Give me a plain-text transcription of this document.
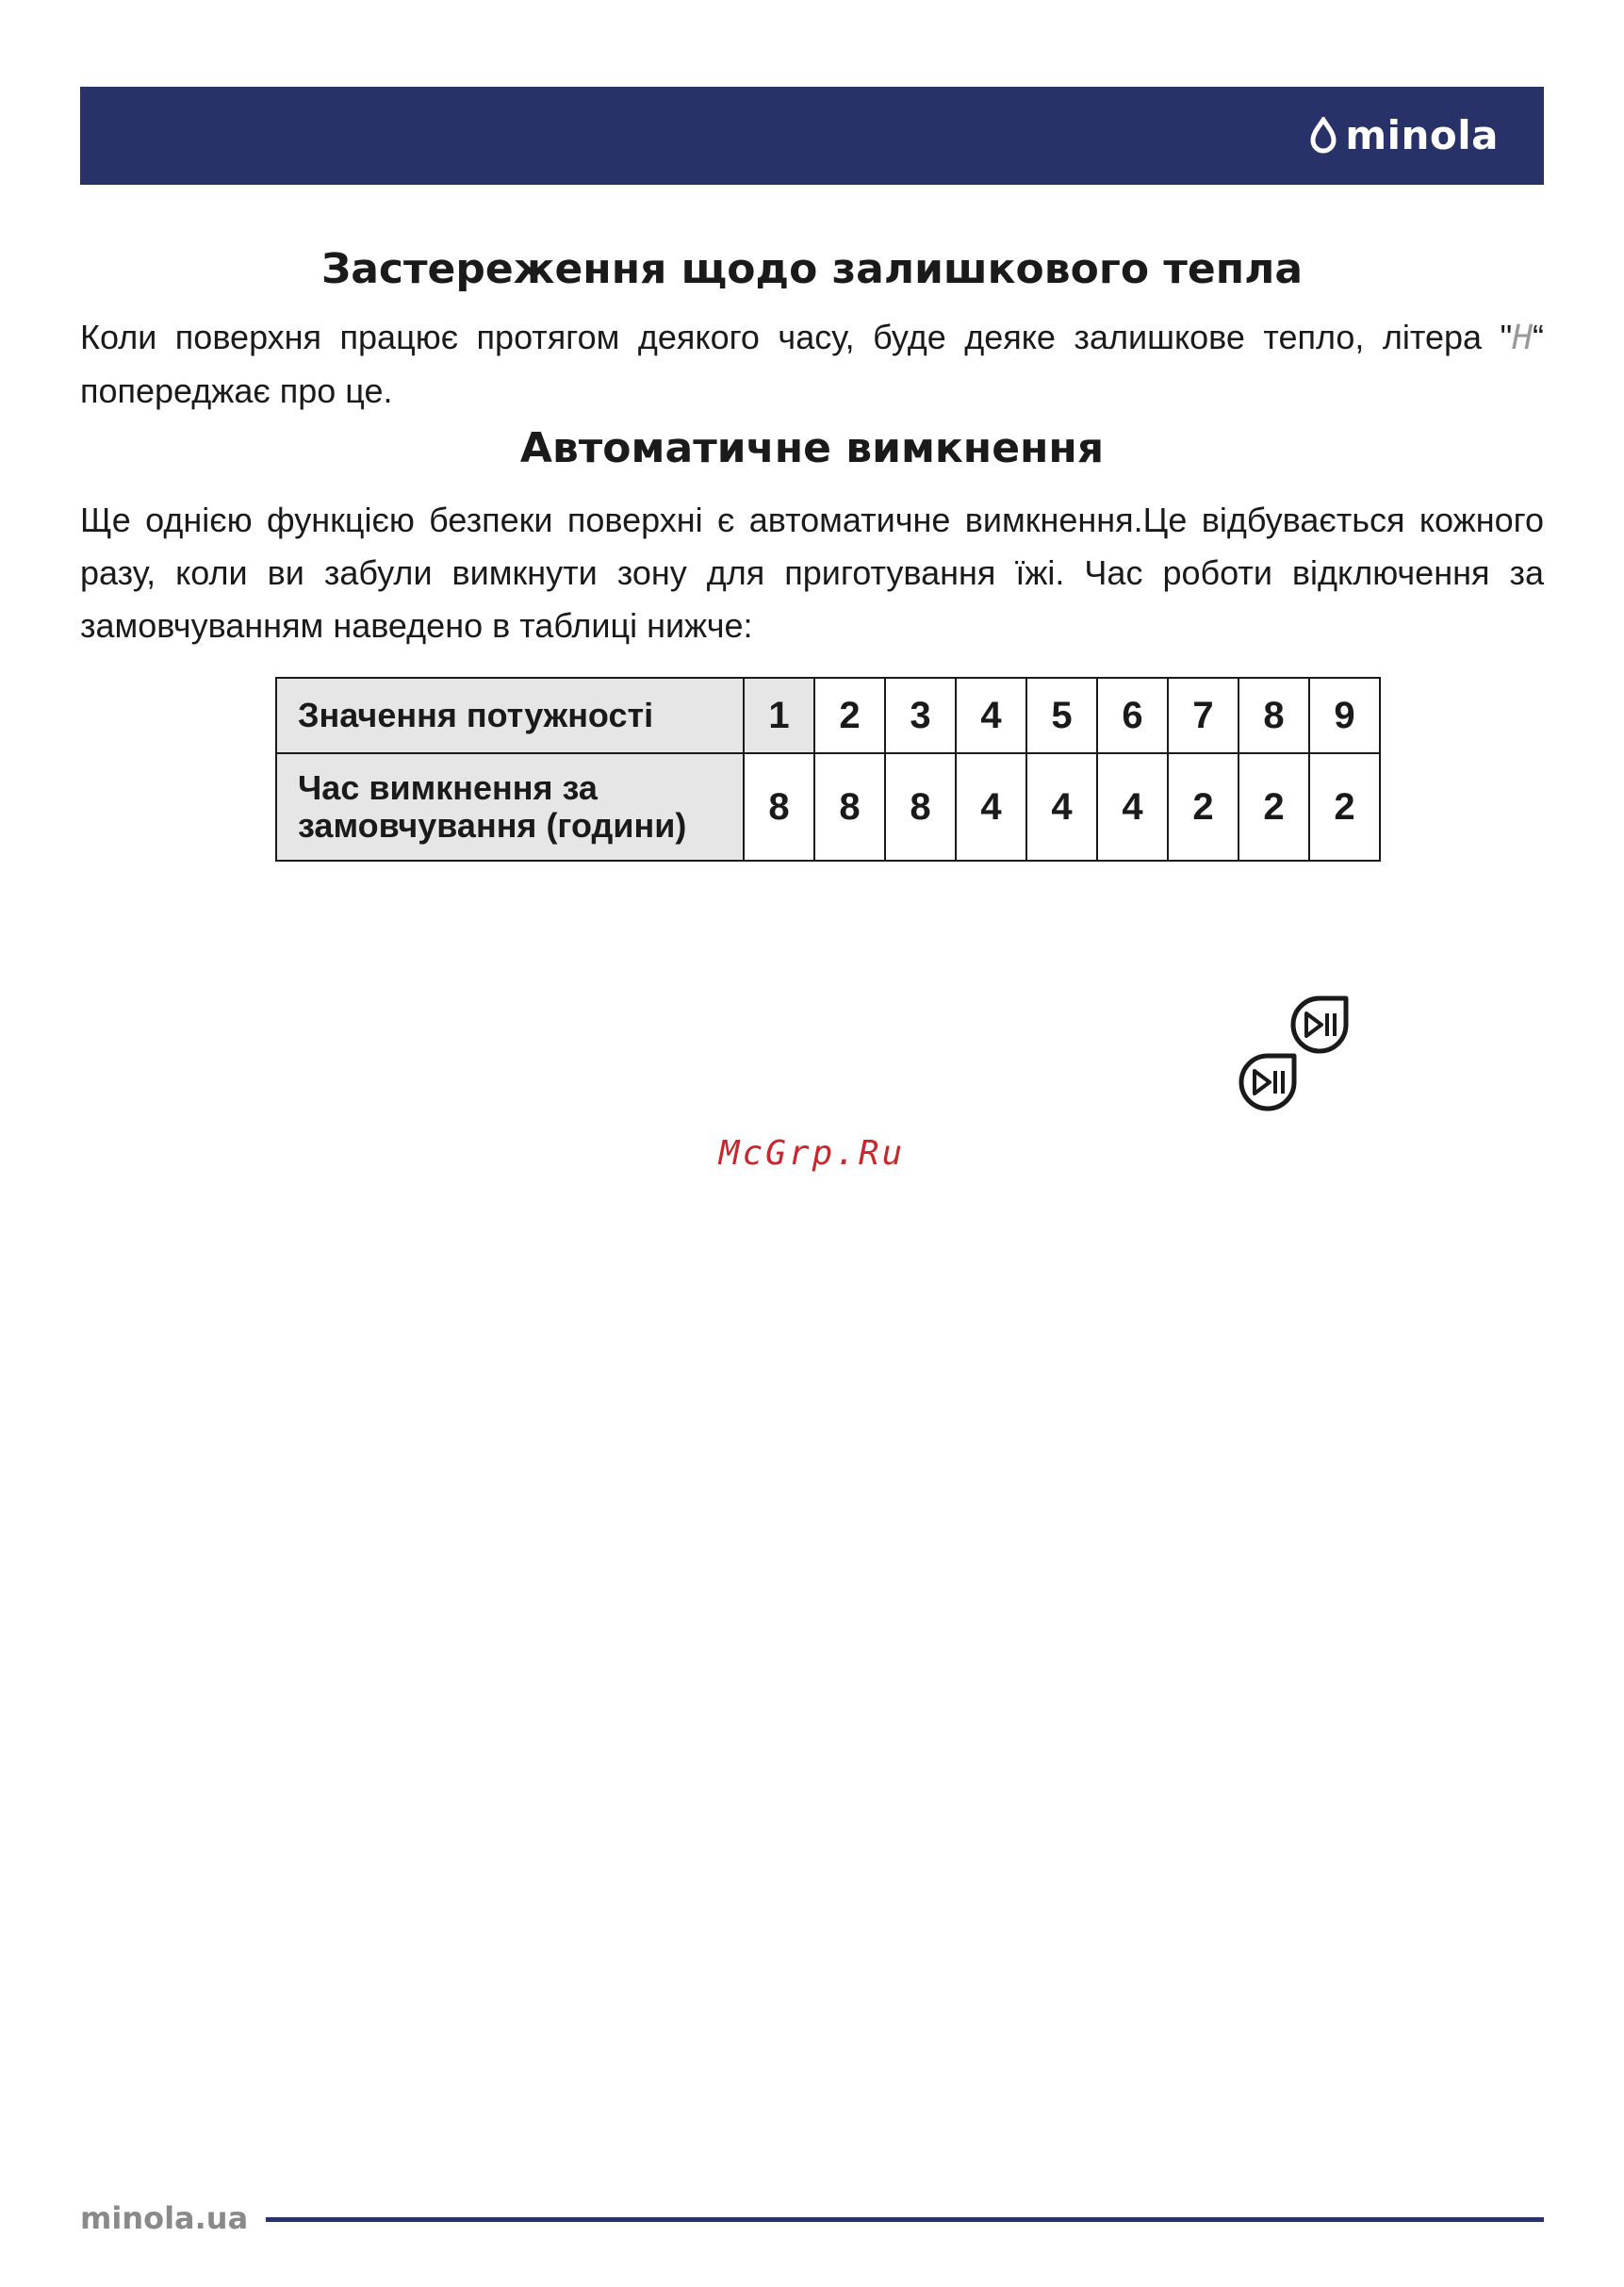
minola
Застереження щодо залишкового тепла

Коли поверхня працює протягом деякого часу, буде деяке залишкове тепло, літера "H“ попереджає про це.

Автоматичне вимкнення

Ще однією функцією безпеки поверхні є автоматичне вимкнення.Це відбувається кожного разу, коли ви забули вимкнути зону для приготування їжі. Час роботи відключення за замовчуванням наведено в таблиці нижче:

Значення потужності	1	2	3	4	5	6	7	8	9
Час вимкнення за замовчування (години)	8	8	8	4	4	4	2	2	2
McGrp.Ru
minola.ua
